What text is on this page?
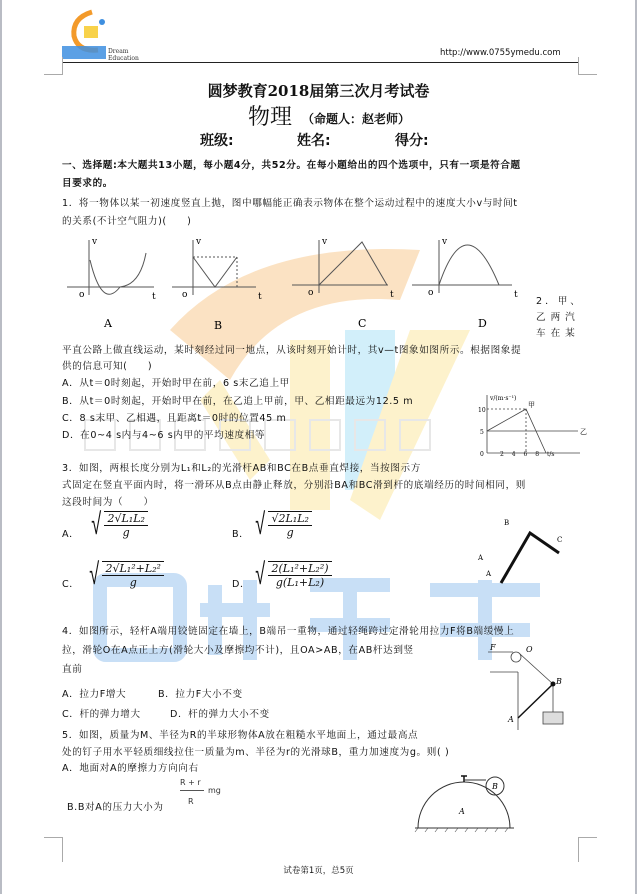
Dream
Education
http://www.0755ymedu.com
圆梦教育2018届第三次月考试卷
物理 （命题人：赵老师）
班级:	姓名:	得分:
一、选择题:本大题共13小题，每小题4分，共52分。在每小题给出的四个选项中，只有一项是符合题
目要求的。
1．将一物体以某一初速度竖直上抛，图中哪幅能正确表示物体在整个运动过程中的速度大小v与时间t
的关系(不计空气阻力)(　　)
v
t
o
v
t
o
v
t
o
v
t
o
A	B	C	D
2．甲、
乙两汽
车在某
平直公路上做直线运动，某时刻经过同一地点，从该时刻开始计时，其v—t图象如图所示。根据图象提
供的信息可知(　　)
A．从t＝0时刻起，开始时甲在前，6 s末乙追上甲
B．从t＝0时刻起，开始时甲在前，在乙追上甲前，甲、乙相距最远为12.5 m
C．8 s末甲、乙相遇，且距离t＝0时的位置45 m
D．在0~4 s内与4~6 s内甲的平均速度相等
v/(m·s⁻¹)
10
5
0
甲
乙
2 4 6 8 t/s
3．如图，两根长度分别为L₁和L₂的光滑杆AB和BC在B点垂直焊接，当按图示方
式固定在竖直平面内时，将一滑环从B点由静止释放，分别沿BA和BC滑到杆的底端经历的时间相同，则
这段时间为（　　）
A． √ $\frac{\text{2√L₁L₂}}{g}$	B． √ $\frac{\text{√2L₁L₂}}{g}$
C． √ $\frac{\text{2√L₁²+L₂²}}{g}$	D． √ $\frac{\text{2(L₁²+L₂²)}}{\text{g(L₁+L₂)}}$
B
C
A
A
4．如图所示，轻杆A端用铰链固定在墙上，B端吊一重物，通过轻绳跨过定滑轮用拉力F将B端缓慢上
拉，滑轮O在A点正上方(滑轮大小及摩擦均不计)，且OA>AB，在AB杆达到竖
直前
A．拉力F增大	B．拉力F大小不变
C．杆的弹力增大	D．杆的弹力大小不变
F	O
B
A
5．如图，质量为M、半径为R的半球形物体A放在粗糙水平地面上，通过最高点
处的钉子用水平轻质细线拉住一质量为m、半径为r的光滑球B，重力加速度为g。则( )
A．地面对A的摩擦力方向向右
B.B对A的压力大小为
R + r
mg
R
B
A
试卷第1页，总5页
